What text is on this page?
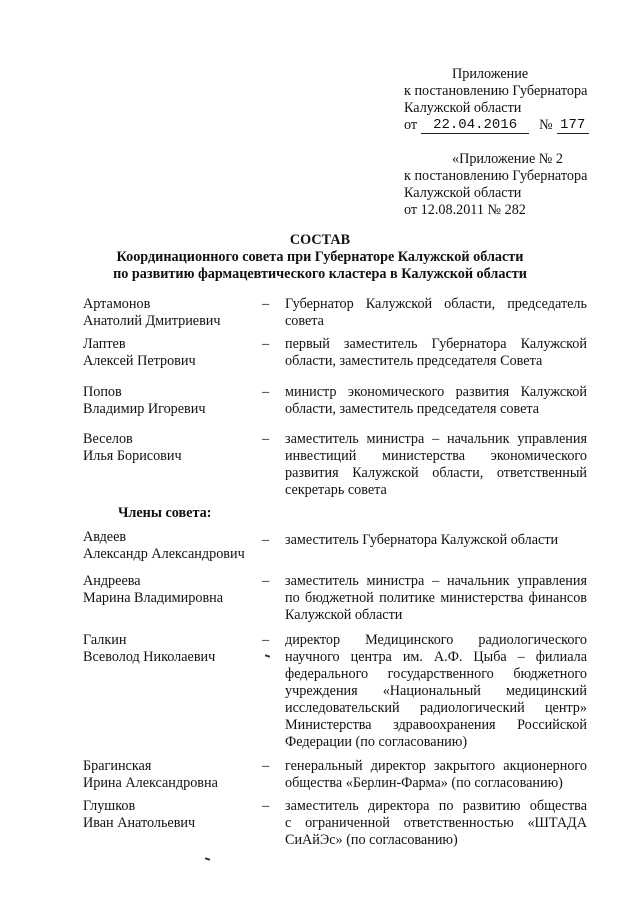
Приложение
к постановлению Губернатора
Калужской области
от	22.04.2016	№ 177
«Приложение № 2
к постановлению Губернатора
Калужской области
от 12.08.2011 № 282
СОСТАВ
Координационного совета при Губернаторе Калужской области
по развитию фармацевтического кластера в Калужской области
Артамонов
Анатолий Дмитриевич
– Губернатор Калужской области, председатель
совета
Лаптев
Алексей Петрович
– первый заместитель Губернатора Калужской
области, заместитель председателя Совета
Попов
Владимир Игоревич
– министр экономического развития Калужской
области, заместитель председателя совета
Веселов
Илья Борисович
– заместитель министра – начальник управления
инвестиций министерства экономического
развития Калужской области, ответственный
секретарь совета
Члены совета:
Авдеев
Александр Александрович
– заместитель Губернатора Калужской области
Андреева
Марина Владимировна
– заместитель министра – начальник управления
по бюджетной политике министерства финансов
Калужской области
Галкин
Всеволод Николаевич
– директор Медицинского радиологического
научного центра им. А.Ф. Цыба – филиала
федерального государственного бюджетного
учреждения «Национальный медицинский
исследовательский радиологический центр»
Министерства здравоохранения Российской
Федерации (по согласованию)
Брагинская
Ирина Александровна
– генеральный директор закрытого акционерного
общества «Берлин-Фарма» (по согласованию)
Глушков
Иван Анатольевич
– заместитель директора по развитию общества
с ограниченной ответственностью «ШТАДА
СиАйЭс» (по согласованию)
